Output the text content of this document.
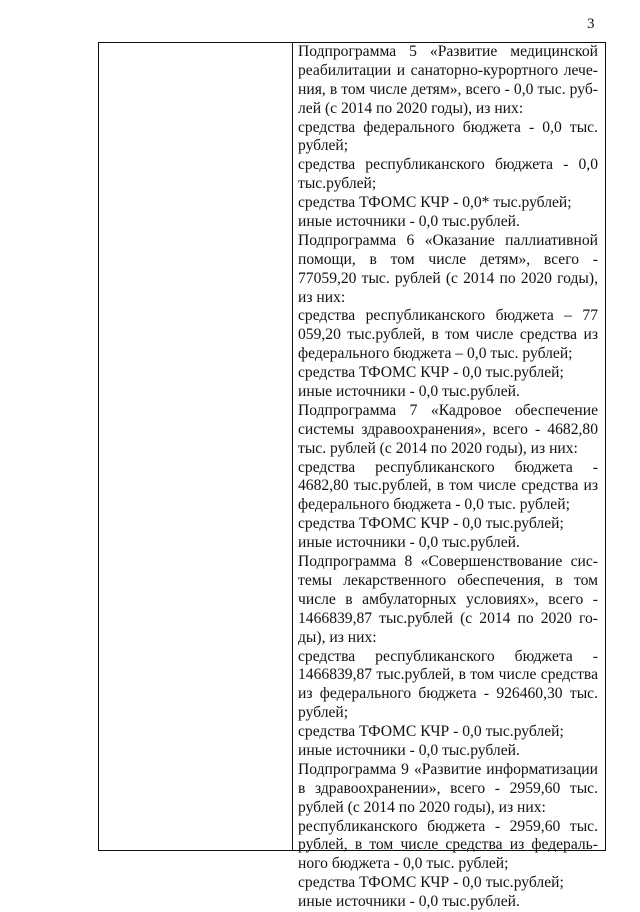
3
Подпрограмма 5 «Развитие медицинской
реабилитации и санаторно-курортного лече-
ния, в том числе детям», всего - 0,0 тыс. руб-
лей (с 2014 по 2020 годы), из них:
средства федерального бюджета - 0,0 тыс.
рублей;
средства республиканского бюджета - 0,0
тыс.рублей;
средства ТФОМС КЧР - 0,0* тыс.рублей;
иные источники - 0,0 тыс.рублей.
Подпрограмма 6 «Оказание паллиативной
помощи, в том числе детям», всего -
77059,20 тыс. рублей (с 2014 по 2020 годы),
из них:
средства республиканского бюджета – 77
059,20 тыс.рублей, в том числе средства из
федерального бюджета – 0,0 тыс. рублей;
средства ТФОМС КЧР - 0,0 тыс.рублей;
иные источники - 0,0 тыс.рублей.
Подпрограмма 7 «Кадровое обеспечение
системы здравоохранения», всего - 4682,80
тыс. рублей (с 2014 по 2020 годы), из них:
средства республиканского бюджета -
4682,80 тыс.рублей, в том числе средства из
федерального бюджета - 0,0 тыс. рублей;
средства ТФОМС КЧР - 0,0 тыс.рублей;
иные источники - 0,0 тыс.рублей.
Подпрограмма 8 «Совершенствование сис-
темы лекарственного обеспечения, в том
числе в амбулаторных условиях», всего -
1466839,87 тыс.рублей (с 2014 по 2020 го-
ды), из них:
средства республиканского бюджета -
1466839,87 тыс.рублей, в том числе средства
из федерального бюджета - 926460,30 тыс.
рублей;
средства ТФОМС КЧР - 0,0 тыс.рублей;
иные источники - 0,0 тыс.рублей.
Подпрограмма 9 «Развитие информатизации
в здравоохранении», всего - 2959,60 тыс.
рублей (с 2014 по 2020 годы), из них:
республиканского бюджета - 2959,60 тыс.
рублей, в том числе средства из федераль-
ного бюджета - 0,0 тыс. рублей;
средства ТФОМС КЧР - 0,0 тыс.рублей;
иные источники - 0,0 тыс.рублей.
